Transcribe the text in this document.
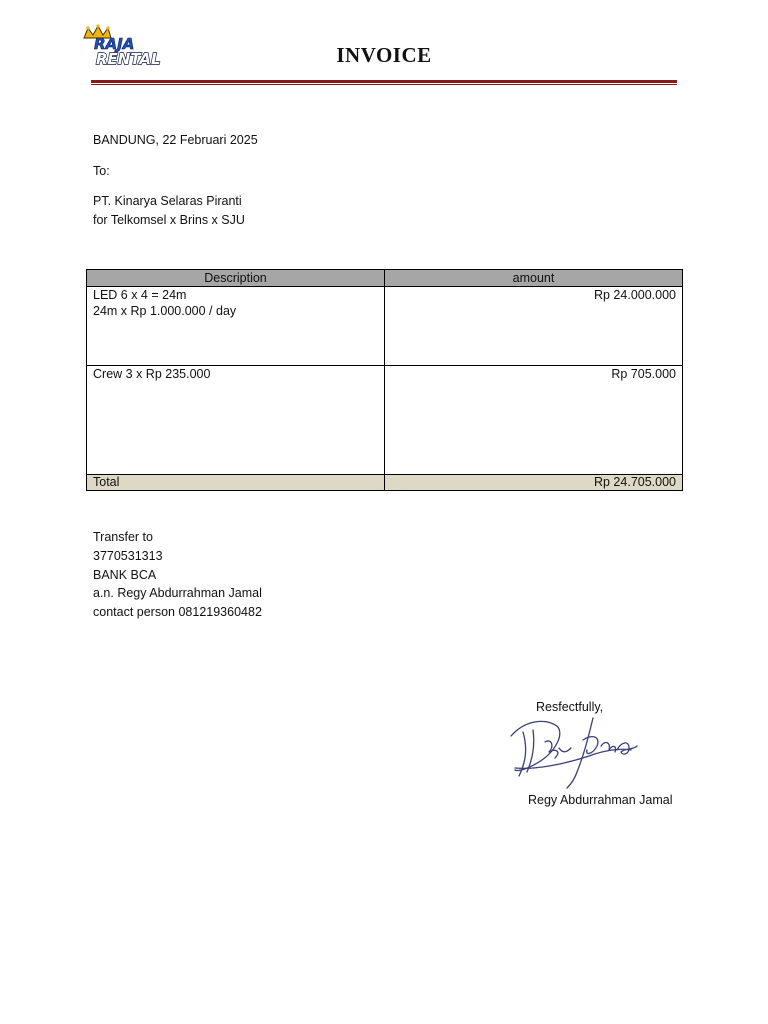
RAJA
RENTAL	INVOICE
BANDUNG, 22 Februari 2025
To:
PT. Kinarya Selaras Piranti
for Telkomsel x Brins x SJU
Description	amount

LED 6 x 4 = 24m
24m x Rp 1.000.000 / day	Rp 24.000.000

Crew 3 x Rp 235.000	Rp 705.000
Total	Rp 24.705.000
Transfer to
3770531313
BANK BCA
a.n. Regy Abdurrahman Jamal
contact person 081219360482
Resfectfully,
Regy Abdurrahman Jamal
